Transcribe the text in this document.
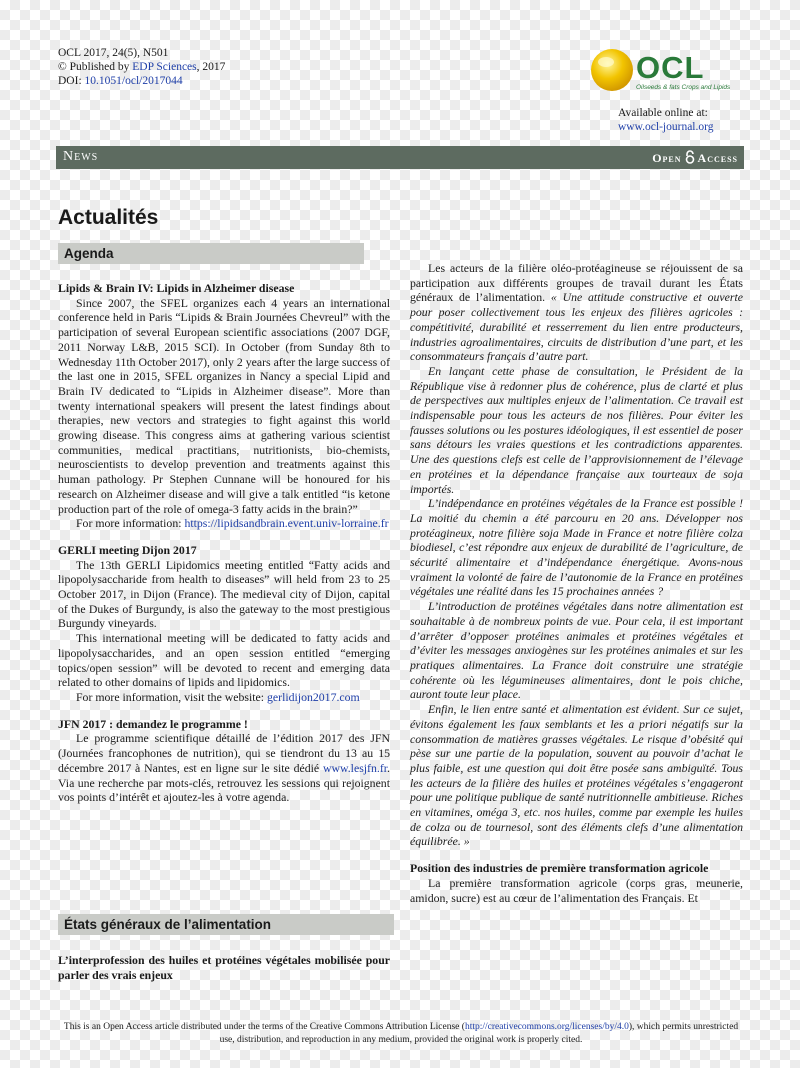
OCL 2017, 24(5), N501
© Published by EDP Sciences, 2017
DOI: 10.1051/ocl/2017044	OCL
Oilseeds & fats Crops and Lipids
Available online at:
www.ocl-journal.org
News	Open Access
Actualités
Agenda
États généraux de l’alimentation
Lipids & Brain IV: Lipids in Alzheimer disease

Since 2007, the SFEL organizes each 4 years an international conference held in Paris “Lipids & Brain Journées Chevreul” with the participation of several European scientific associations (2007 DGF, 2011 Norway L&B, 2015 SCI). In October (from Sunday 8th to Wednesday 11th October 2017), only 2 years after the large success of the last one in 2015, SFEL organizes in Nancy a special Lipid and Brain IV dedicated to “Lipids in Alzheimer disease”. More than twenty international speakers will present the latest findings about therapies, new vectors and strategies to fight against this world growing disease. This congress aims at gathering various scientist communities, medical practitians, nutritionists, bio-chemists, neuroscientists to develop prevention and treatments against this human pathology. Pr Stephen Cunnane will be honoured for his research on Alzheimer disease and will give a talk entitled “is ketone production part of the role of omega-3 fatty acids in the brain?”

For more information: https://lipidsandbrain.event.univ-lorraine.fr

GERLI meeting Dijon 2017

The 13th GERLI Lipidomics meeting entitled “Fatty acids and lipopolysaccharide from health to diseases” will held from 23 to 25 October 2017, in Dijon (France). The medieval city of Dijon, capital of the Dukes of Burgundy, is also the gateway to the most prestigious Burgundy vineyards.

This international meeting will be dedicated to fatty acids and lipopolysaccharides, and an open session entitled “emerging topics/open session” will be devoted to recent and emerging data related to other domains of lipids and lipidomics.

For more information, visit the website: gerlidijon2017.com

JFN 2017 : demandez le programme !

Le programme scientifique détaillé de l’édition 2017 des JFN (Journées francophones de nutrition), qui se tiendront du 13 au 15 décembre 2017 à Nantes, est en ligne sur le site dédié www.lesjfn.fr. Via une recherche par mots-clés, retrouvez les sessions qui rejoignent vos points d’intérêt et ajoutez-les à votre agenda.

L’interprofession des huiles et protéines végétales mobilisée pour parler des vrais enjeux

Les acteurs de la filière oléo-protéagineuse se réjouissent de sa participation aux différents groupes de travail durant les États généraux de l’alimentation. « Une attitude constructive et ouverte pour poser collectivement tous les enjeux des filières agricoles : compétitivité, durabilité et resserrement du lien entre producteurs, industries agroalimentaires, circuits de distribution d’une part, et les consommateurs français d’autre part.

En lançant cette phase de consultation, le Président de la République vise à redonner plus de cohérence, plus de clarté et plus de perspectives aux multiples enjeux de l’alimentation. Ce travail est indispensable pour tous les acteurs de nos filières. Pour éviter les fausses solutions ou les postures idéologiques, il est essentiel de poser sans détours les vraies questions et les contradictions apparentes. Une des questions clefs est celle de l’approvisionnement de l’élevage en protéines et la dépendance française aux tourteaux de soja importés.

L’indépendance en protéines végétales de la France est possible ! La moitié du chemin a été parcouru en 20 ans. Développer nos protéagineux, notre filière soja Made in France et notre filière colza biodiesel, c’est répondre aux enjeux de durabilité de l’agriculture, de sécurité alimentaire et d’indépendance énergétique. Avons-nous vraiment la volonté de faire de l’autonomie de la France en protéines végétales une réalité dans les 15 prochaines années ?

L’introduction de protéines végétales dans notre alimentation est souhaitable à de nombreux points de vue. Pour cela, il est important d’arrêter d’opposer protéines animales et protéines végétales et d’éviter les messages anxiogènes sur les protéines animales et sur les pratiques alimentaires. La France doit construire une stratégie cohérente où les légumineuses alimentaires, dont le pois chiche, auront toute leur place.

Enfin, le lien entre santé et alimentation est évident. Sur ce sujet, évitons également les faux semblants et les a priori négatifs sur la consommation de matières grasses végétales. Le risque d’obésité qui pèse sur une partie de la population, souvent au pouvoir d’achat le plus faible, est une question qui doit être posée sans ambiguïté. Tous les acteurs de la filière des huiles et protéines végétales s’engageront pour une politique publique de santé nutritionnelle ambitieuse. Riches en vitamines, oméga 3, etc. nos huiles, comme par exemple les huiles de colza ou de tournesol, sont des éléments clefs d’une alimentation équilibrée. »

Position des industries de première transformation agricole

La première transformation agricole (corps gras, meunerie, amidon, sucre) est au cœur de l’alimentation des Français. Et

This is an Open Access article distributed under the terms of the Creative Commons Attribution License (http://creativecommons.org/licenses/by/4.0), which permits unrestricted use, distribution, and reproduction in any medium, provided the original work is properly cited.
